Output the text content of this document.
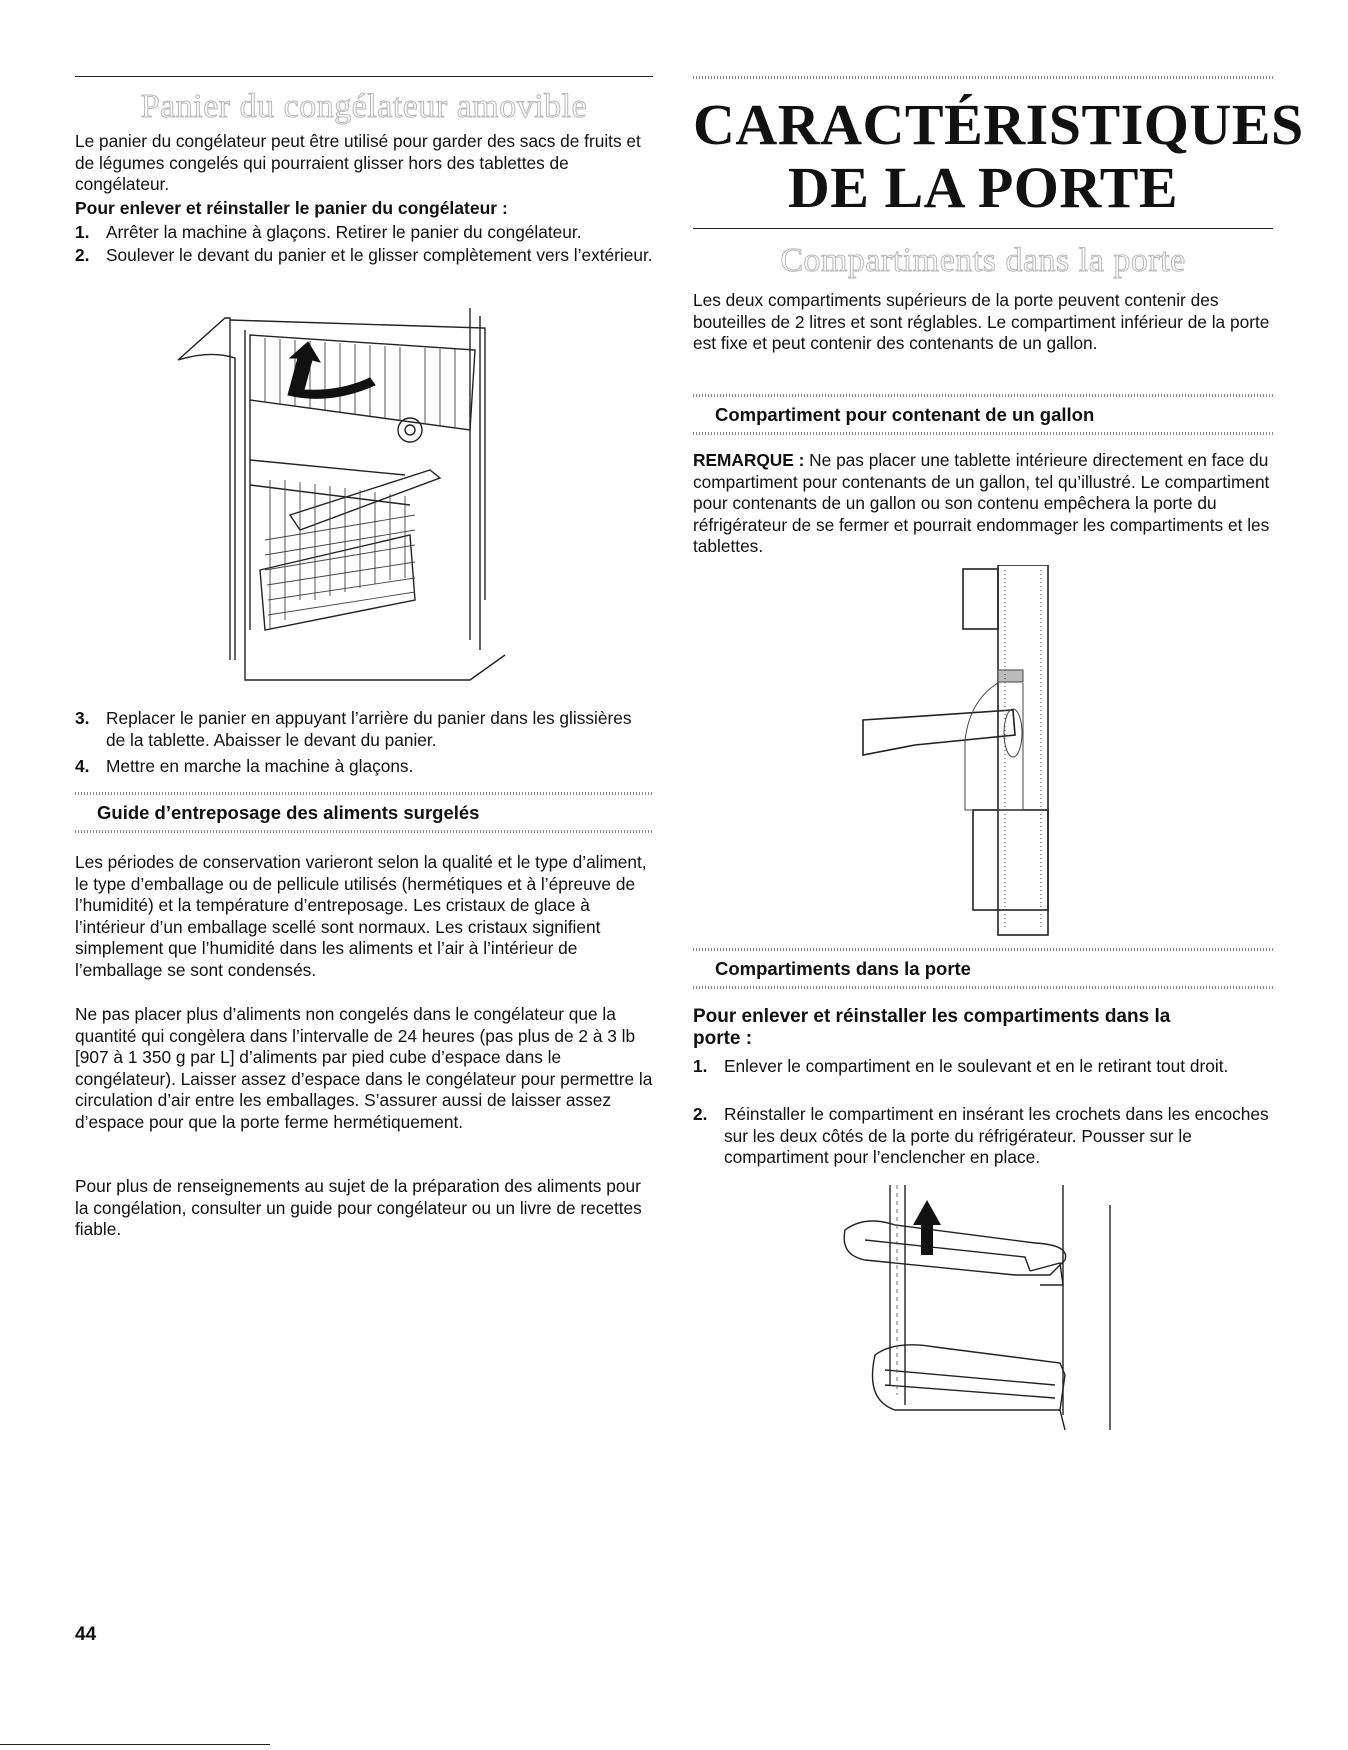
Panier du congélateur amovible

Le panier du congélateur peut être utilisé pour garder des sacs de fruits et de légumes congelés qui pourraient glisser hors des tablettes de congélateur.

Pour enlever et réinstaller le panier du congélateur :
1. Arrêter la machine à glaçons. Retirer le panier du congélateur.
2. Soulever le devant du panier et le glisser complètement vers l’extérieur.
3. Replacer le panier en appuyant l’arrière du panier dans les glissières de la tablette. Abaisser le devant du panier.
4. Mettre en marche la machine à glaçons.
Guide d’entreposage des aliments surgelés

Les périodes de conservation varieront selon la qualité et le type d’aliment, le type d’emballage ou de pellicule utilisés (hermétiques et à l’épreuve de l’humidité) et la température d’entreposage. Les cristaux de glace à l’intérieur d’un emballage scellé sont normaux. Les cristaux signifient simplement que l’humidité dans les aliments et l’air à l’intérieur de l’emballage se sont condensés.

Ne pas placer plus d’aliments non congelés dans le congélateur que la quantité qui congèlera dans l’intervalle de 24 heures (pas plus de 2 à 3 lb [907 à 1 350 g par L] d’aliments par pied cube d’espace dans le congélateur). Laisser assez d’espace dans le congélateur pour permettre la circulation d’air entre les emballages. S’assurer aussi de laisser assez d’espace pour que la porte ferme hermétiquement.

Pour plus de renseignements au sujet de la préparation des aliments pour la congélation, consulter un guide pour congélateur ou un livre de recettes fiable.

CARACTÉRISTIQUES
DE LA PORTE
Compartiments dans la porte

Les deux compartiments supérieurs de la porte peuvent contenir des bouteilles de 2 litres et sont réglables. Le compartiment inférieur de la porte est fixe et peut contenir des contenants de un gallon.

Compartiment pour contenant de un gallon

REMARQUE : Ne pas placer une tablette intérieure directement en face du compartiment pour contenants de un gallon, tel qu’illustré. Le compartiment pour contenants de un gallon ou son contenu empêchera la porte du réfrigérateur de se fermer et pourrait endommager les compartiments et les tablettes.

Compartiments dans la porte
Pour enlever et réinstaller les compartiments dans la porte :
1. Enlever le compartiment en le soulevant et en le retirant tout droit.
2. Réinstaller le compartiment en insérant les crochets dans les encoches sur les deux côtés de la porte du réfrigérateur. Pousser sur le compartiment pour l’enclencher en place.
44
